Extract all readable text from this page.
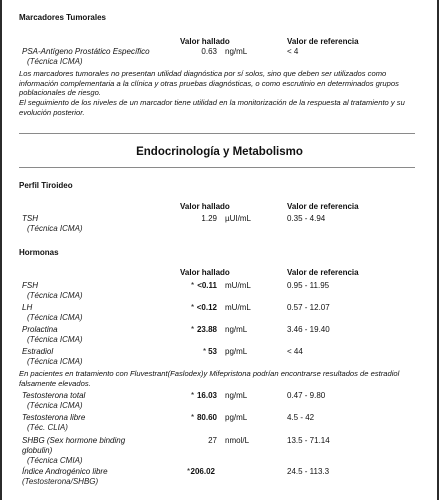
Marcadores Tumorales
Valor hallado	Valor de referencia
PSA-Antígeno Prostático Específico
(Técnica ICMA)
0.63 ng/mL	< 4
Los marcadores tumorales no presentan utilidad diagnóstica por sí solos, sino que deben ser utilizados como información complementaria a la clínica y otras pruebas diagnósticas, o como escrutinio en determinados grupos poblacionales de riesgo.
El seguimiento de los niveles de un marcador tiene utilidad en la monitorización de la respuesta al tratamiento y su evolución posterior.
Endocrinología y Metabolismo
Perfil Tiroideo
Valor hallado	Valor de referencia
TSH
(Técnica ICMA)
1.29 µUI/mL	0.35 - 4.94
Hormonas
Valor hallado	Valor de referencia
FSH
(Técnica ICMA)
* <0.11 mU/mL	0.95 - 11.95
LH
(Técnica ICMA)
* <0.12 mU/mL	0.57 - 12.07
Prolactina
(Técnica ICMA)
* 23.88 ng/mL	3.46 - 19.40
Estradiol
(Técnica ICMA)
* 53 pg/mL	< 44
En pacientes en tratamiento con Fluvestrant(Faslodex)y Mifepristona podrían encontrarse resultados de estradiol falsamente elevados.
Testosterona total
(Técnica ICMA)
* 16.03 ng/mL	0.47 - 9.80
Testosterona libre
(Téc. CLIA)
* 80.60 pg/mL	4.5 - 42
SHBG (Sex hormone binding
globulin)
(Técnica CMIA)
27 nmol/L	13.5 - 71.14
Índice Androgénico libre
(Testosterona/SHBG)
* 206.02	24.5 - 113.3
